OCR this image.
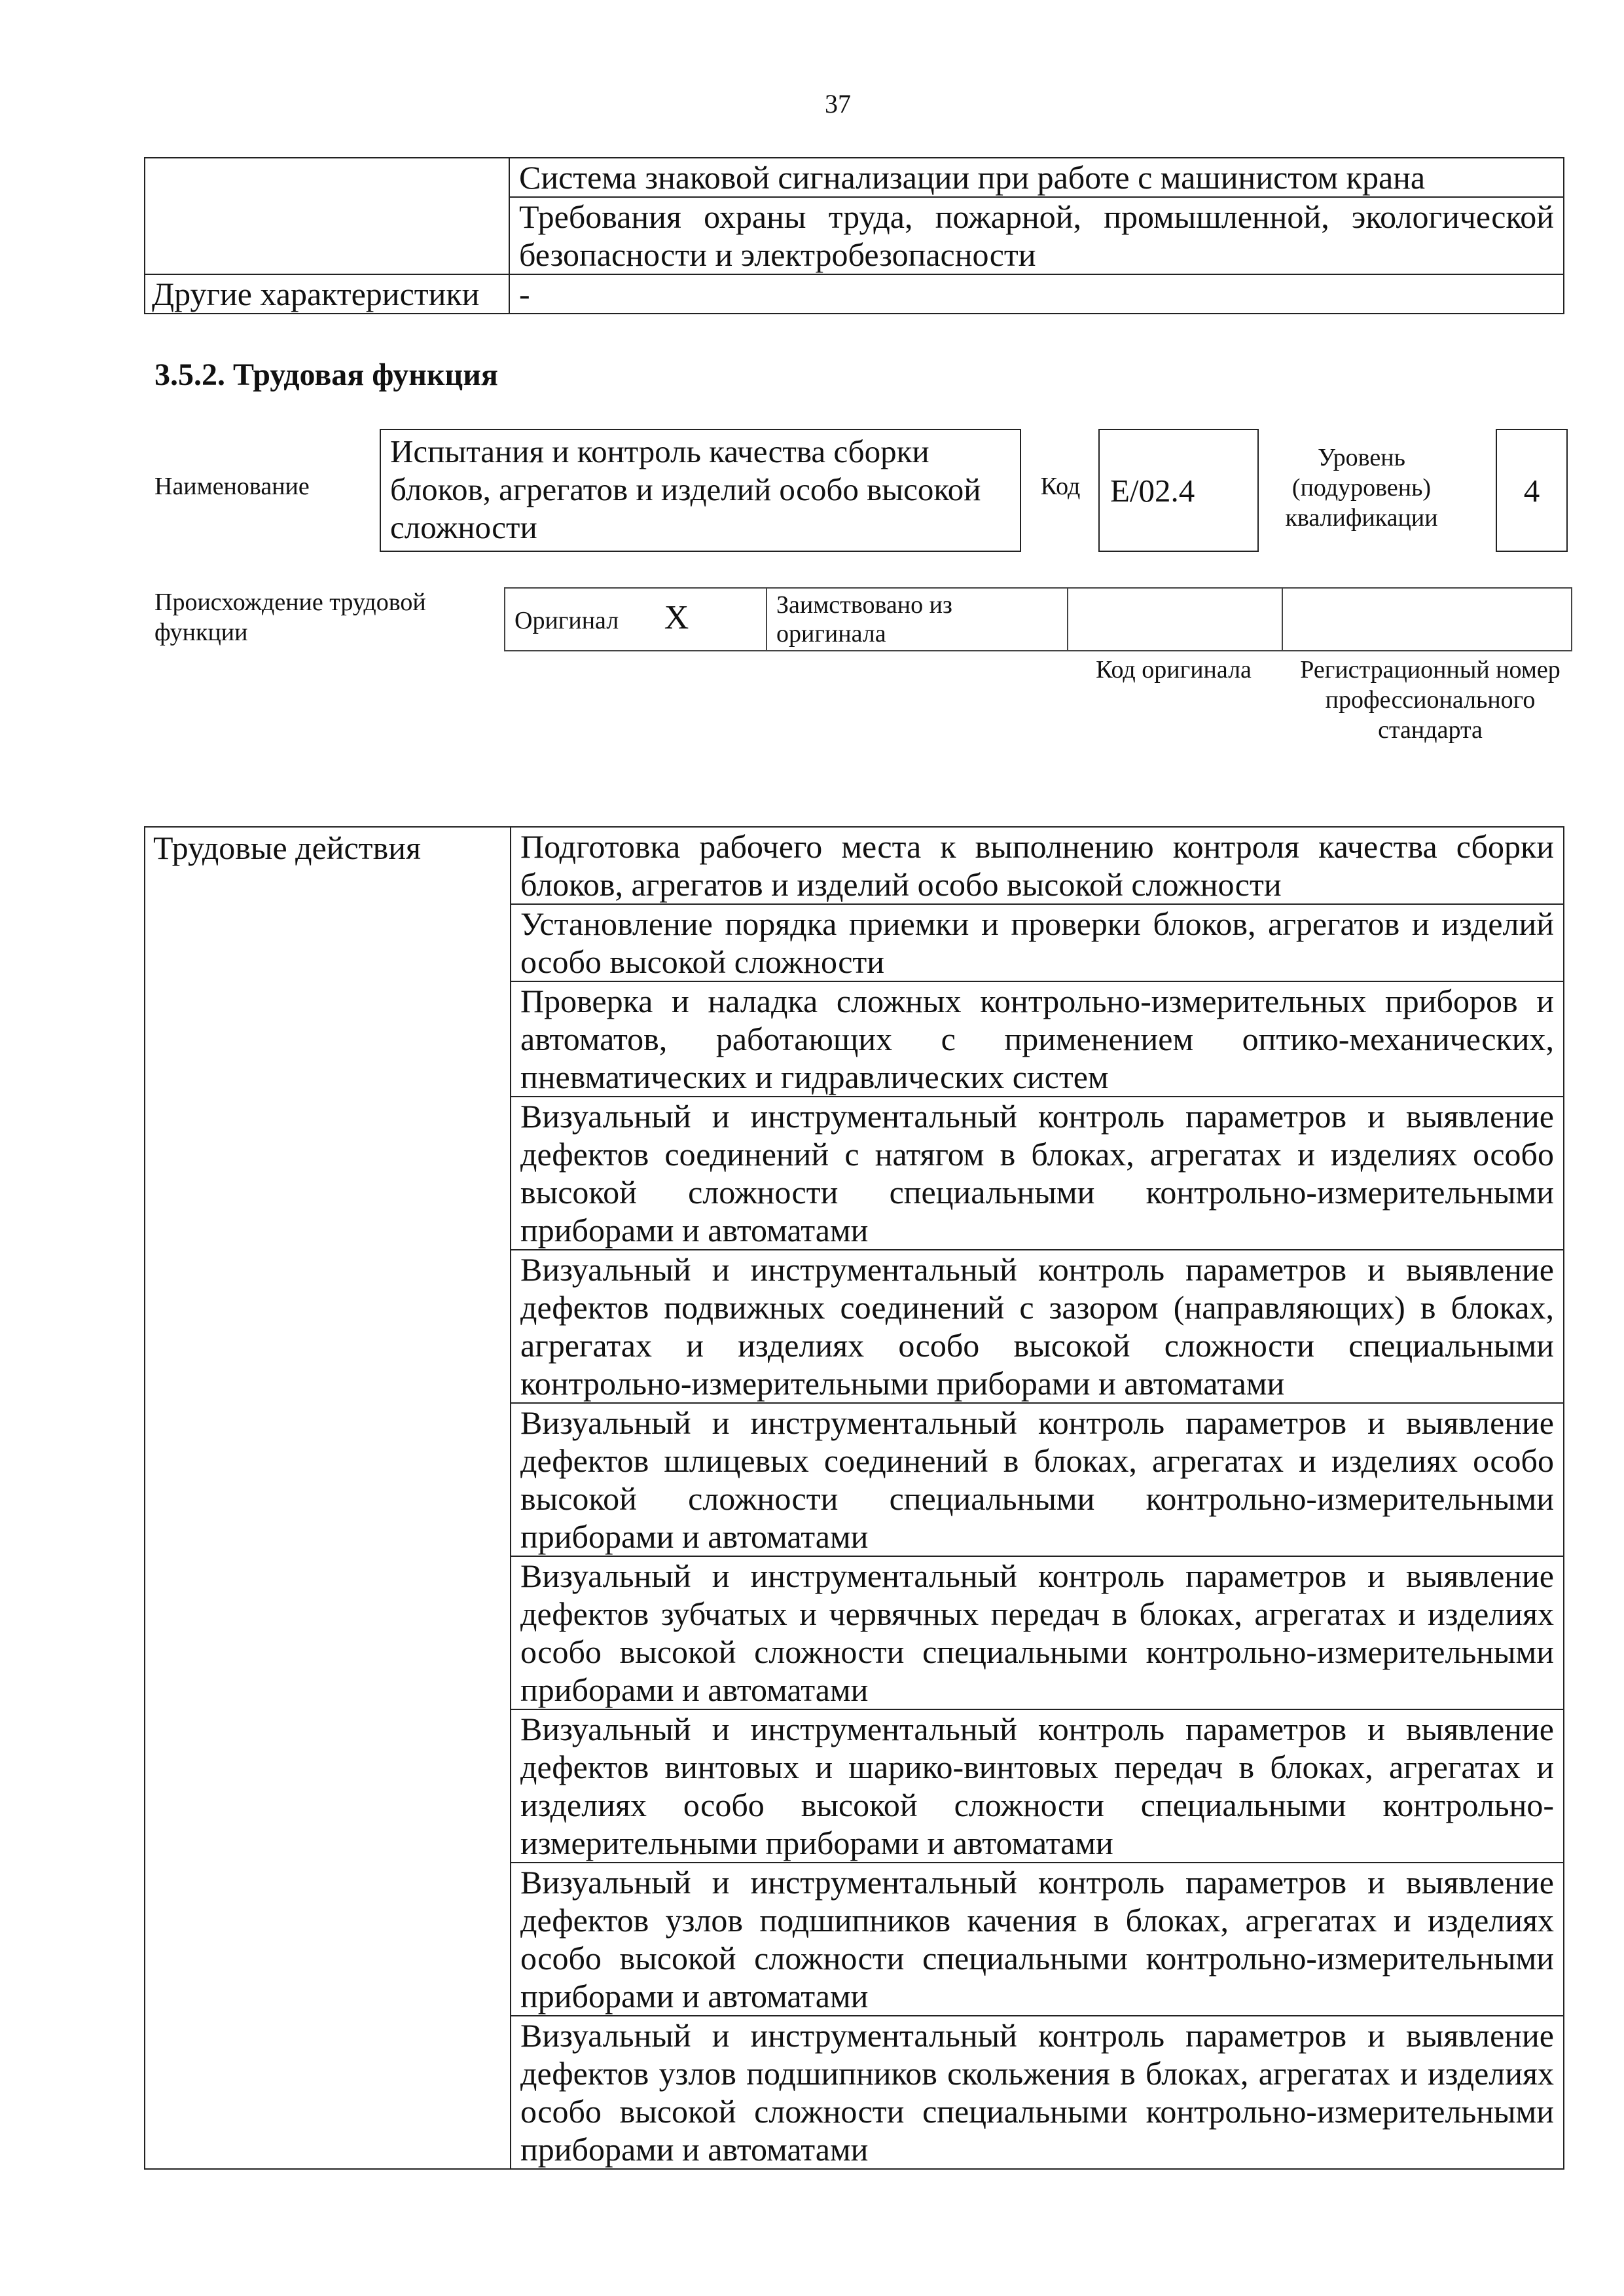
37
	Система знаковой сигнализации при работе с машинистом крана
	Требования охраны труда, пожарной, промышленной, экологической безопасности и электробезопасности
Другие характеристики	-
3.5.2. Трудовая функция
Наименование
Испытания и контроль качества сборки блоков, агрегатов и изделий особо высокой сложности
Код E/02.4
Уровень (подуровень) квалификации
4
Происхождение трудовой функции	Оригинал X	Заимствовано из оригинала		
Код оригинала	Регистрационный номер профессионального стандарта
Трудовые действия	Подготовка рабочего места к выполнению контроля качества сборки блоков, агрегатов и изделий особо высокой сложности
Установление порядка приемки и проверки блоков, агрегатов и изделий особо высокой сложности
Проверка и наладка сложных контрольно-измерительных приборов и автоматов, работающих с применением оптико-механических, пневматических и гидравлических систем
Визуальный и инструментальный контроль параметров и выявление дефектов соединений с натягом в блоках, агрегатах и изделиях особо высокой сложности специальными контрольно-измерительными приборами и автоматами
Визуальный и инструментальный контроль параметров и выявление дефектов подвижных соединений с зазором (направляющих) в блоках, агрегатах и изделиях особо высокой сложности специальными контрольно-измерительными приборами и автоматами
Визуальный и инструментальный контроль параметров и выявление дефектов шлицевых соединений в блоках, агрегатах и изделиях особо высокой сложности специальными контрольно-измерительными приборами и автоматами
Визуальный и инструментальный контроль параметров и выявление дефектов зубчатых и червячных передач в блоках, агрегатах и изделиях особо высокой сложности специальными контрольно-измерительными приборами и автоматами
Визуальный и инструментальный контроль параметров и выявление дефектов винтовых и шарико-винтовых передач в блоках, агрегатах и изделиях особо высокой сложности специальными контрольно-измерительными приборами и автоматами
Визуальный и инструментальный контроль параметров и выявление дефектов узлов подшипников качения в блоках, агрегатах и изделиях особо высокой сложности специальными контрольно-измерительными приборами и автоматами
Визуальный и инструментальный контроль параметров и выявление дефектов узлов подшипников скольжения в блоках, агрегатах и изделиях особо высокой сложности специальными контрольно-измерительными приборами и автоматами
